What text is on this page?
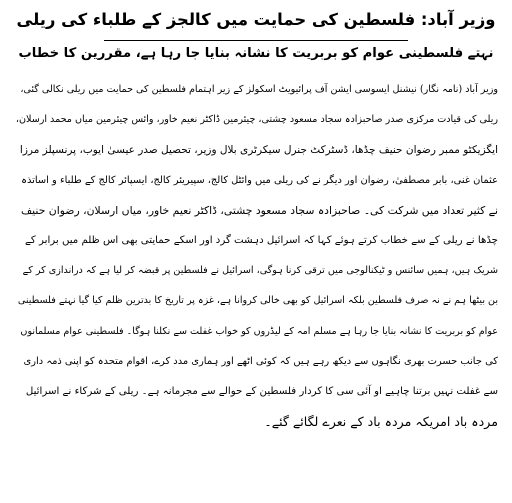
وزیر آباد: فلسطین کی حمایت میں کالجز کے طلباء کی ریلی
نہتے فلسطینی عوام کو بربریت کا نشانہ بنایا جا رہا ہے، مقررین کا خطاب
وزیر آباد (نامہ نگار) نیشنل ایسوسی ایشن آف پرائیویٹ اسکولز کے زیر اہتمام فلسطین کی حمایت میں ریلی نکالی گئی،
ریلی کی قیادت مرکزی صدر صاحبزادہ سجاد مسعود چشتی، چیئرمین ڈاکٹر نعیم خاور، وائس چیئرمین میاں محمد ارسلان،
ایگزیکٹو ممبر رضوان حنیف چڈھا، ڈسٹرکٹ جنرل سیکرٹری بلال وزیر، تحصیل صدر عیسیٰ ایوب، پرنسپلز مرزا
عثمان غنی، بابر مصطفیٰ، رضوان اور دیگر نے کی ریلی میں وائٹل کالج، سپیریئر کالج، ایسپائر کالج کے طلباء و اساتذہ
نے کثیر تعداد میں شرکت کی۔ صاحبزادہ سجاد مسعود چشتی، ڈاکٹر نعیم خاور، میاں ارسلان، رضوان حنیف
چڈھا نے ریلی کے سے خطاب کرتے ہوئے کہا کہ اسرائیل دہشت گرد اور اسکے حمایتی بھی اس ظلم میں برابر کے
شریک ہیں، ہمیں سائنس و ٹیکنالوجی میں ترقی کرنا ہوگی، اسرائیل نے فلسطین پر قبضہ کر لیا ہے کہ دراندازی کر کے
بن بیٹھا ہم نے نہ صرف فلسطین بلکہ اسرائیل کو بھی خالی کروانا ہے، غزہ پر تاریخ کا بدترین ظلم کیا گیا نہتے فلسطینی
عوام کو بربریت کا نشانہ بنایا جا رہا ہے مسلم امہ کے لیڈروں کو خواب غفلت سے نکلنا ہوگا۔ فلسطینی عوام مسلمانوں
کی جانب حسرت بھری نگاہوں سے دیکھ رہے ہیں کہ کوئی اٹھے اور ہماری مدد کرے، اقوام متحدہ کو اپنی ذمہ داری
سے غفلت نہیں برتنا چاہیے او آئی سی کا کردار فلسطین کے حوالے سے مجرمانہ ہے۔ ریلی کے شرکاء نے اسرائیل
مردہ باد امریکہ مردہ باد کے نعرے لگائے گئے۔
